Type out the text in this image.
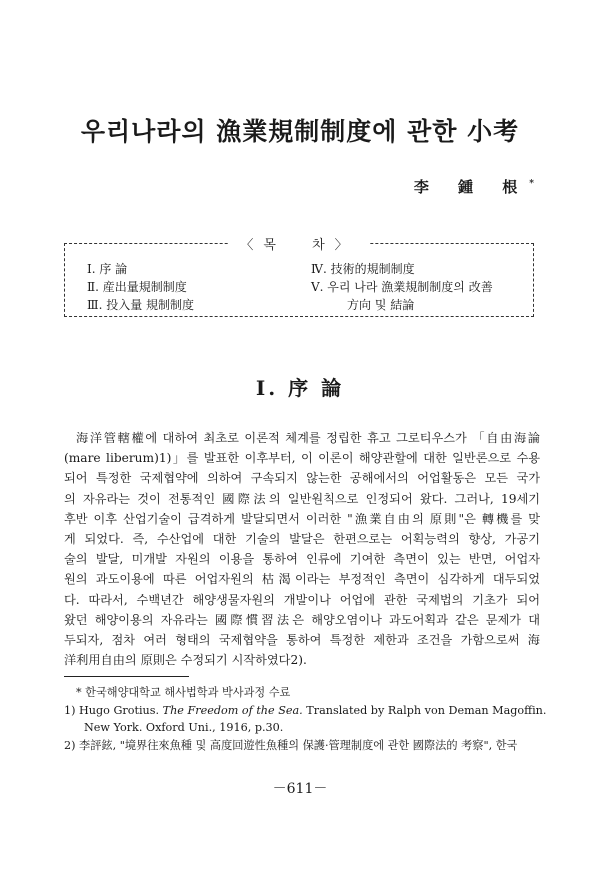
우리나라의 漁業規制制度에 관한 小考
李 鍾 根*
〈목 차〉
Ⅰ. 序 論
Ⅱ. 産出量規制制度
Ⅲ. 投入量 規制制度
Ⅳ. 技術的規制制度
Ⅴ. 우리 나라 漁業規制制度의 改善
方向 및 結論
Ⅰ. 序 論
海洋管轄權에 대하여 최초로 이론적 체계를 정립한 휴고 그로티우스가 「自由海論
(mare liberum)1)」를 발표한 이후부터, 이 이론이 해양관할에 대한 일반론으로 수용
되어 특정한 국제협약에 의하여 구속되지 않는한 공해에서의 어업활동은 모든 국가
의 자유라는 것이 전통적인 國際法의 일반원칙으로 인정되어 왔다. 그러나, 19세기
후반 이후 산업기술이 급격하게 발달되면서 이러한 "漁業自由의 原則"은 轉機를 맞
게 되었다. 즉, 수산업에 대한 기술의 발달은 한편으로는 어획능력의 향상, 가공기
술의 발달, 미개발 자원의 이용을 통하여 인류에 기여한 측면이 있는 반면, 어업자
원의 과도이용에 따른 어업자원의 枯渴이라는 부정적인 측면이 심각하게 대두되었
다. 따라서, 수백년간 해양생물자원의 개발이나 어업에 관한 국제법의 기초가 되어
왔던 해양이용의 자유라는 國際慣習法은 해양오염이나 과도어획과 같은 문제가 대
두되자, 점차 여러 형태의 국제협약을 통하여 특정한 제한과 조건을 가함으로써 海
洋利用自由의 原則은 수정되기 시작하였다2).
* 한국해양대학교 해사법학과 박사과정 수료
1) Hugo Grotius. The Freedom of the Sea. Translated by Ralph von Deman Magoffin.
New York. Oxford Uni., 1916, p.30.
2) 李評鉉, "境界往來魚種 및 高度回遊性魚種의 保護·管理制度에 관한 國際法的 考察", 한국
－611－
